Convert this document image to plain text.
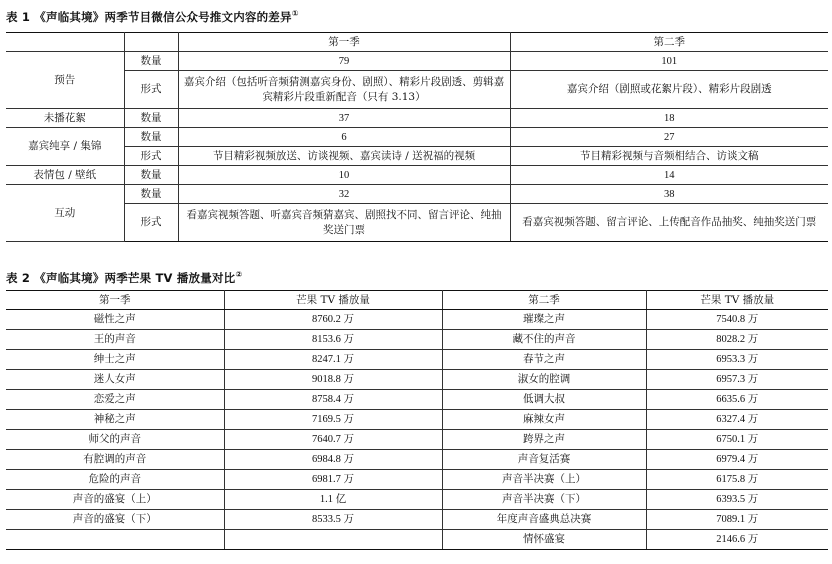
表 1 《声临其境》两季节目微信公众号推文内容的差异①
		第一季	第二季
预告	数量	79	101
	形式	嘉宾介绍（包括听音频猜测嘉宾身份、剧照）、精彩片段剧透、剪辑嘉宾精彩片段重新配音（只有 3.13）	嘉宾介绍（剧照或花絮片段）、精彩片段剧透
未播花絮	数量	37	18
嘉宾纯享 / 集锦	数量	6	27
	形式	节目精彩视频放送、访谈视频、嘉宾读诗 / 送祝福的视频	节目精彩视频与音频相结合、访谈文稿
表情包 / 壁纸	数量	10	14
互动	数量	32	38
	形式	看嘉宾视频答题、听嘉宾音频猜嘉宾、剧照找不同、留言评论、纯抽奖送门票	看嘉宾视频答题、留言评论、上传配音作品抽奖、纯抽奖送门票
表 2 《声临其境》两季芒果 TV 播放量对比②
第一季	芒果 TV 播放量	第二季	芒果 TV 播放量
磁性之声	8760.2 万	璀璨之声	7540.8 万
王的声音	8153.6 万	藏不住的声音	8028.2 万
绅士之声	8247.1 万	春节之声	6953.3 万
迷人女声	9018.8 万	淑女的腔调	6957.3 万
恋爱之声	8758.4 万	低调大叔	6635.6 万
神秘之声	7169.5 万	麻辣女声	6327.4 万
师父的声音	7640.7 万	跨界之声	6750.1 万
有腔调的声音	6984.8 万	声音复活赛	6979.4 万
危险的声音	6981.7 万	声音半决赛（上）	6175.8 万
声音的盛宴（上）	1.1 亿	声音半决赛（下）	6393.5 万
声音的盛宴（下）	8533.5 万	年度声音盛典总决赛	7089.1 万
		情怀盛宴	2146.6 万
